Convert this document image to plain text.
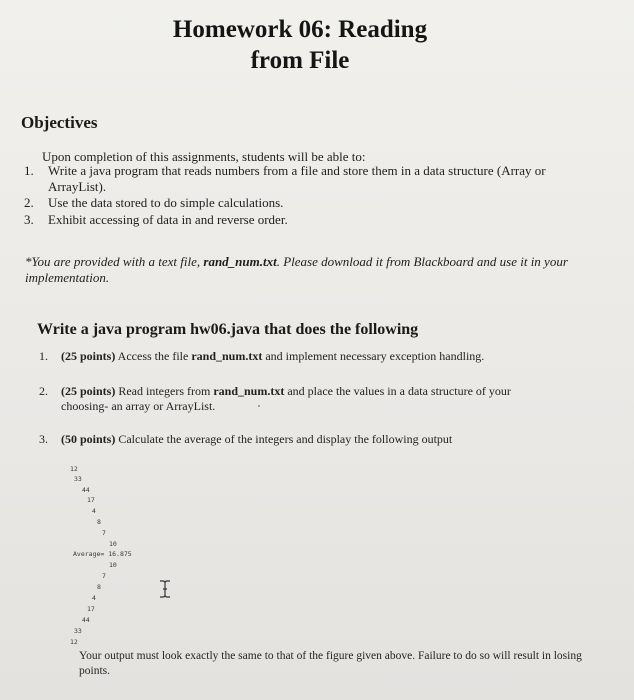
Homework 06: Reading
from File
Objectives
Upon completion of this assignments, students will be able to:
1.	Write a java program that reads numbers from a file and store them in a data structure (Array or ArrayList).
2.	Use the data stored to do simple calculations.
3.	Exhibit accessing of data in and reverse order.
*You are provided with a text file, rand_num.txt. Please download it from Blackboard and use it in your implementation.
Write a java program hw06.java that does the following
1.	(25 points) Access the file rand_num.txt and implement necessary exception handling.
2.	(25 points) Read integers from rand_num.txt and place the values in a data structure of your choosing- an array or ArrayList.
3.	(50 points) Calculate the average of the integers and display the following output
12
33
44
17
4
8
7
10
Average= 16.875
10
7
8
4
17
44
33
12
Your output must look exactly the same to that of the figure given above. Failure to do so will result in losing points.
